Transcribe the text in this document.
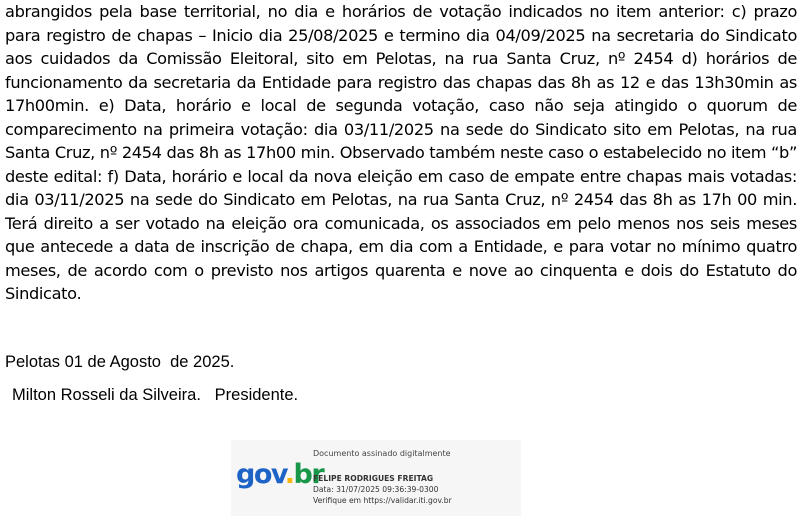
abrangidos pela base territorial, no dia e horários de votação indicados no item anterior: c) prazo para registro de chapas – Inicio dia 25/08/2025 e termino dia 04/09/2025 na secretaria do Sindicato aos cuidados da Comissão Eleitoral, sito em Pelotas, na rua Santa Cruz, nº 2454 d) horários de funcionamento da secretaria da Entidade para registro das chapas das 8h as 12 e das 13h30min as 17h00min. e) Data, horário e local de segunda votação, caso não seja atingido o quorum de comparecimento na primeira votação: dia 03/11/2025 na sede do Sindicato sito em Pelotas, na rua Santa Cruz, nº 2454 das 8h as 17h00 min. Observado também neste caso o estabelecido no item “b” deste edital: f) Data, horário e local da nova eleição em caso de empate entre chapas mais votadas: dia 03/11/2025 na sede do Sindicato em Pelotas, na rua Santa Cruz, nº 2454 das 8h as 17h 00 min. Terá direito a ser votado na eleição ora comunicada, os associados em pelo menos nos seis meses que antecede a data de inscrição de chapa, em dia com a Entidade, e para votar no mínimo quatro meses, de acordo com o previsto nos artigos quarenta e nove ao cinquenta e dois do Estatuto do Sindicato.

Pelotas 01 de Agosto  de 2025.
Milton Rosseli da Silveira.   Presidente.
gov.br
Documento assinado digitalmente
FELIPE RODRIGUES FREITAG
Data: 31/07/2025 09:36:39-0300
Verifique em https://validar.iti.gov.br
